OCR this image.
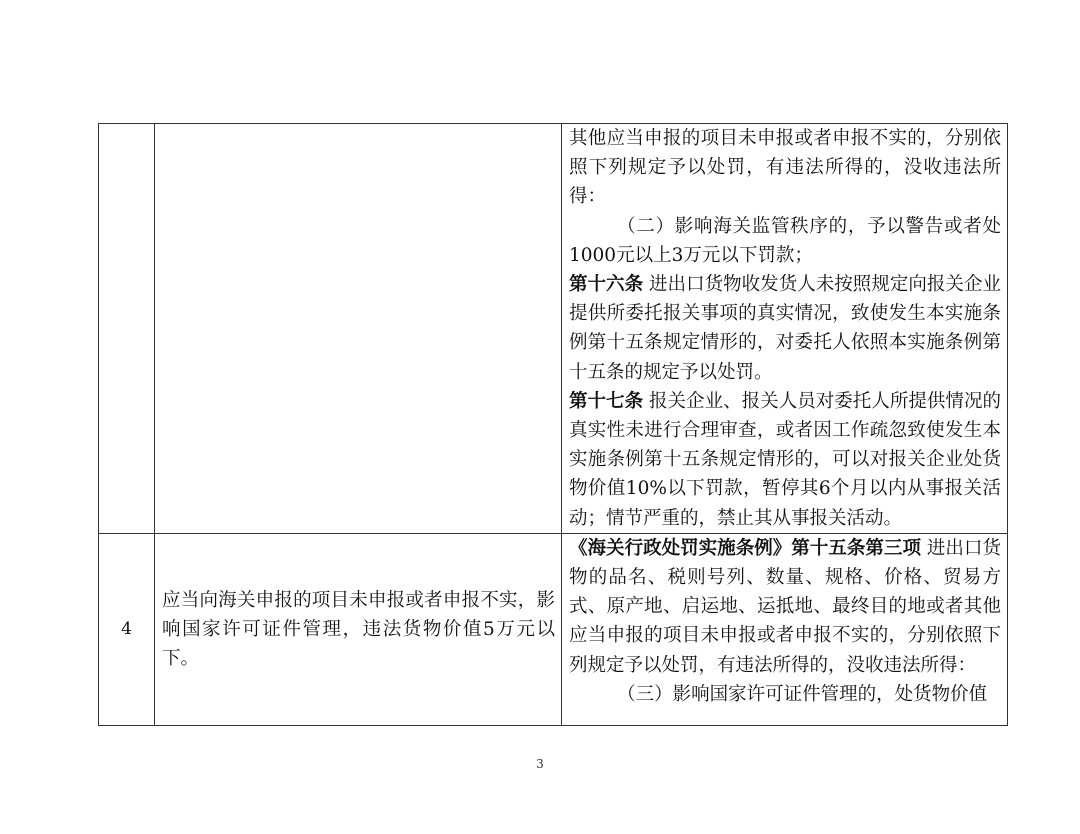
		其他应当申报的项目未申报或者申报不实的，分别依照下列规定予以处罚，有违法所得的，没收违法所得：

（二）影响海关监管秩序的，予以警告或者处1000元以上3万元以下罚款；

第十六条 进出口货物收发货人未按照规定向报关企业提供所委托报关事项的真实情况，致使发生本实施条例第十五条规定情形的，对委托人依照本实施条例第十五条的规定予以处罚。

第十七条 报关企业、报关人员对委托人所提供情况的真实性未进行合理审查，或者因工作疏忽致使发生本实施条例第十五条规定情形的，可以对报关企业处货物价值10%以下罚款，暂停其6个月以内从事报关活动；情节严重的，禁止其从事报关活动。

4	应当向海关申报的项目未申报或者申报不实，影响国家许可证件管理，违法货物价值5万元以下。	《海关行政处罚实施条例》第十五条第三项 进出口货物的品名、税则号列、数量、规格、价格、贸易方式、原产地、启运地、运抵地、最终目的地或者其他应当申报的项目未申报或者申报不实的，分别依照下列规定予以处罚，有违法所得的，没收违法所得：

（三）影响国家许可证件管理的，处货物价值

3
